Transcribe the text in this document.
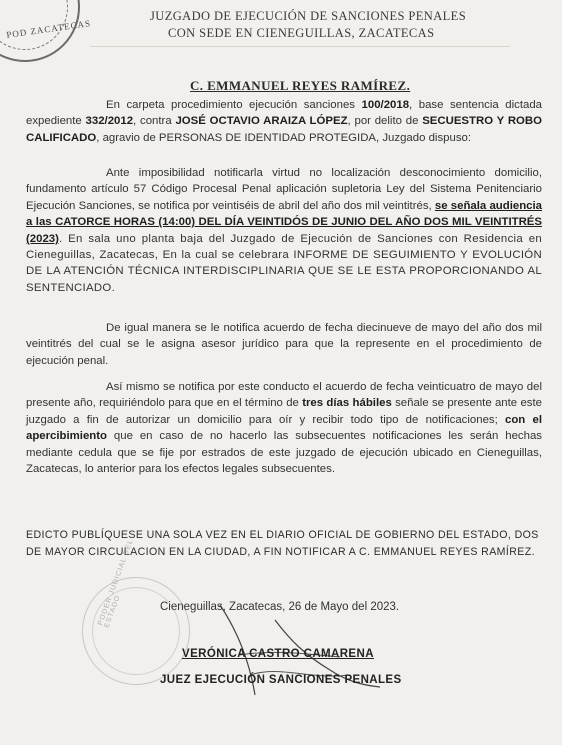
POD ZACATECAS
JUZGADO DE EJECUCIÓN DE SANCIONES PENALES
CON SEDE EN CIENEGUILLAS, ZACATECAS
C. EMMANUEL REYES RAMÍREZ.

En carpeta procedimiento ejecución sanciones 100/2018, base sentencia dictada expediente 332/2012, contra JOSÉ OCTAVIO ARAIZA LÓPEZ, por delito de SECUESTRO Y ROBO CALIFICADO, agravio de PERSONAS DE IDENTIDAD PROTEGIDA, Juzgado dispuso:

Ante imposibilidad notificarla virtud no localización desconocimiento domicilio, fundamento artículo 57 Código Procesal Penal aplicación supletoria Ley del Sistema Penitenciario Ejecución Sanciones, se notifica por veintiséis de abril del año dos mil veintitrés, se señala audiencia a las CATORCE HORAS (14:00) DEL DÍA VEINTIDÓS DE JUNIO DEL AÑO DOS MIL VEINTITRÉS (2023). En sala uno planta baja del Juzgado de Ejecución de Sanciones con Residencia en Cieneguillas, Zacatecas, En la cual se celebrara INFORME DE SEGUIMIENTO Y EVOLUCIÓN DE LA ATENCIÓN TÉCNICA INTERDISCIPLINARIA QUE SE LE ESTA PROPORCIONANDO AL SENTENCIADO.

De igual manera se le notifica acuerdo de fecha diecinueve de mayo del año dos mil veintitrés del cual se le asigna asesor jurídico para que la represente en el procedimiento de ejecución penal.

Así mismo se notifica por este conducto el acuerdo de fecha veinticuatro de mayo del presente año, requiriéndolo para que en el término de tres días hábiles señale se presente ante este juzgado a fin de autorizar un domicilio para oír y recibir todo tipo de notificaciones; con el apercibimiento que en caso de no hacerlo las subsecuentes notificaciones les serán hechas mediante cedula que se fije por estrados de este juzgado de ejecución ubicado en Cieneguillas, Zacatecas, lo anterior para los efectos legales subsecuentes.

EDICTO PUBLÍQUESE UNA SOLA VEZ EN EL DIARIO OFICIAL DE GOBIERNO DEL ESTADO, DOS DE MAYOR CIRCULACION EN LA CIUDAD, A FIN NOTIFICAR A C. EMMANUEL REYES RAMÍREZ.
PODER JUDICIAL DEL ESTADO	Cieneguillas, Zacatecas, 26 de Mayo del 2023.
VERÓNICA CASTRO CAMARENA
JUEZ EJECUCIÓN SANCIONES PENALES
